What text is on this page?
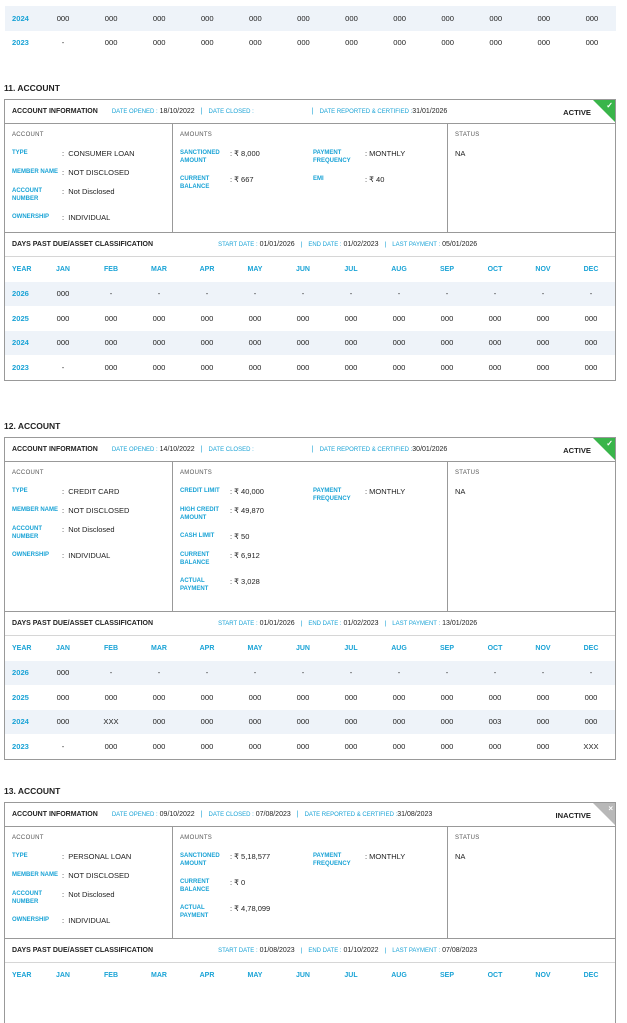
2024	000	000	000	000	000	000	000	000	000	000	000	000
2023	-	000	000	000	000	000	000	000	000	000	000	000
11. ACCOUNT
ACCOUNT INFORMATION DATE OPENED : 18/10/2022 | DATE CLOSED :
	| DATE REPORTED & CERTIFIED : 31/01/2026	ACTIVE
✓
ACCOUNT
TYPE	:  CONSUMER LOAN
MEMBER NAME :  NOT DISCLOSED
ACCOUNT NUMBER
:  Not Disclosed
OWNERSHIP	:  INDIVIDUAL
AMOUNTS
SANCTIONED AMOUNT
: ₹ 8,000
CURRENT BALANCE
: ₹ 667
PAYMENT FREQUENCY
: MONTHLY
EMI	: ₹ 40
STATUS
NA
DAYS PAST DUE/ASSET CLASSIFICATION	START DATE : 01/01/2026 | END DATE : 01/02/2023 | LAST PAYMENT : 05/01/2026
YEAR	JAN	FEB	MAR	APR	MAY	JUN	JUL	AUG	SEP	OCT	NOV	DEC
2026	000	-	-	-	-	-	-	-	-	-	-	-
2025	000	000	000	000	000	000	000	000	000	000	000	000
2024	000	000	000	000	000	000	000	000	000	000	000	000
2023	-	000	000	000	000	000	000	000	000	000	000	000
12. ACCOUNT
ACCOUNT INFORMATION DATE OPENED : 14/10/2022 | DATE CLOSED :
	| DATE REPORTED & CERTIFIED : 30/01/2026	ACTIVE
✓
ACCOUNT
TYPE	:  CREDIT CARD
MEMBER NAME :  NOT DISCLOSED
ACCOUNT NUMBER
:  Not Disclosed
OWNERSHIP	:  INDIVIDUAL
AMOUNTS
CREDIT LIMIT	: ₹ 40,000
HIGH CREDIT AMOUNT
: ₹ 49,870
CASH LIMIT	: ₹ 50
CURRENT BALANCE
: ₹ 6,912
ACTUAL PAYMENT
: ₹ 3,028
PAYMENT FREQUENCY
: MONTHLY
STATUS
NA
DAYS PAST DUE/ASSET CLASSIFICATION	START DATE : 01/01/2026 | END DATE : 01/02/2023 | LAST PAYMENT : 13/01/2026
YEAR	JAN	FEB	MAR	APR	MAY	JUN	JUL	AUG	SEP	OCT	NOV	DEC
2026	000	-	-	-	-	-	-	-	-	-	-	-
2025	000	000	000	000	000	000	000	000	000	000	000	000
2024	000	XXX	000	000	000	000	000	000	000	003	000	000
2023	-	000	000	000	000	000	000	000	000	000	000	XXX
13. ACCOUNT
ACCOUNT INFORMATION DATE OPENED : 09/10/2022 | DATE CLOSED : 07/08/2023 | DATE REPORTED & CERTIFIED : 31/08/2023	INACTIVE
×
ACCOUNT
TYPE	:  PERSONAL LOAN
MEMBER NAME :  NOT DISCLOSED
ACCOUNT NUMBER
:  Not Disclosed
OWNERSHIP	:  INDIVIDUAL
AMOUNTS
SANCTIONED AMOUNT
: ₹ 5,18,577
CURRENT BALANCE
: ₹ 0
ACTUAL PAYMENT
: ₹ 4,78,099
PAYMENT FREQUENCY
: MONTHLY
STATUS
NA
DAYS PAST DUE/ASSET CLASSIFICATION	START DATE : 01/08/2023 | END DATE : 01/10/2022 | LAST PAYMENT : 07/08/2023
YEAR	JAN	FEB	MAR	APR	MAY	JUN	JUL	AUG	SEP	OCT	NOV	DEC
